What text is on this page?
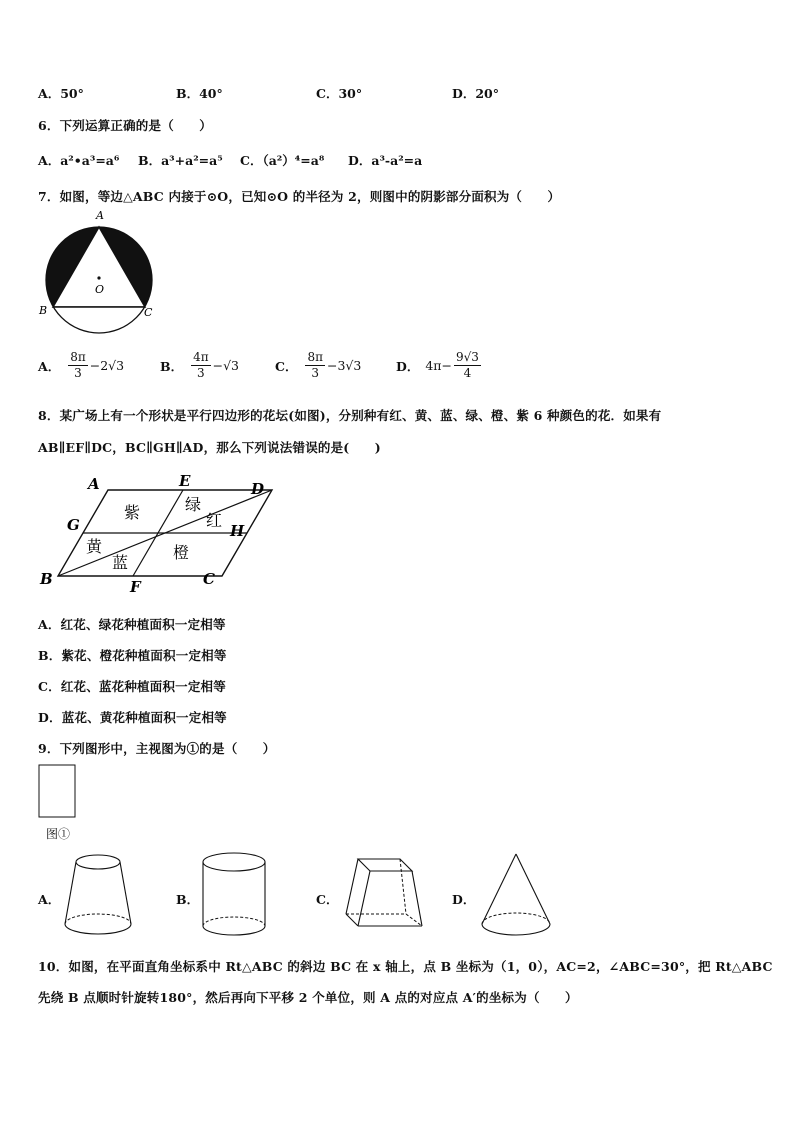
A．50°	B．40°	C．30°	D．20°
6．下列运算正确的是（　　）
A．a²•a³=a⁶ B．a³+a²=a⁵ C．（a²）⁴=a⁸ D．a³-a²=a
7．如图，等边△ABC 内接于⊙O，已知⊙O 的半径为 2，则图中的阴影部分面积为（　　）
A
O
B	C
A． $\frac{8\pi}{3} -2√3$	B． $\frac{4\pi}{3} -√3$	C． $\frac{8\pi}{3} -3√3$	D． $4\pi- \frac{9√3}{4}$
8．某广场上有一个形状是平行四边形的花坛(如图)，分别种有红、黄、蓝、绿、橙、紫 6 种颜色的花．如果有
AB∥EF∥DC，BC∥GH∥AD，那么下列说法错误的是(　　)
A	E	D
G	H
B	F	C
紫	绿
红
黄
蓝
橙
A．红花、绿花种植面积一定相等
B．紫花、橙花种植面积一定相等
C．红花、蓝花种植面积一定相等
D．蓝花、黄花种植面积一定相等
9．下列图形中，主视图为①的是（　　）
图①
A．	B．	C．	D．
10．如图，在平面直角坐标系中 Rt△ABC 的斜边 BC 在 x 轴上，点 B 坐标为（1，0），AC=2，∠ABC=30°，把 Rt△ABC
先绕 B 点顺时针旋转180°，然后再向下平移 2 个单位，则 A 点的对应点 A′的坐标为（　　）
